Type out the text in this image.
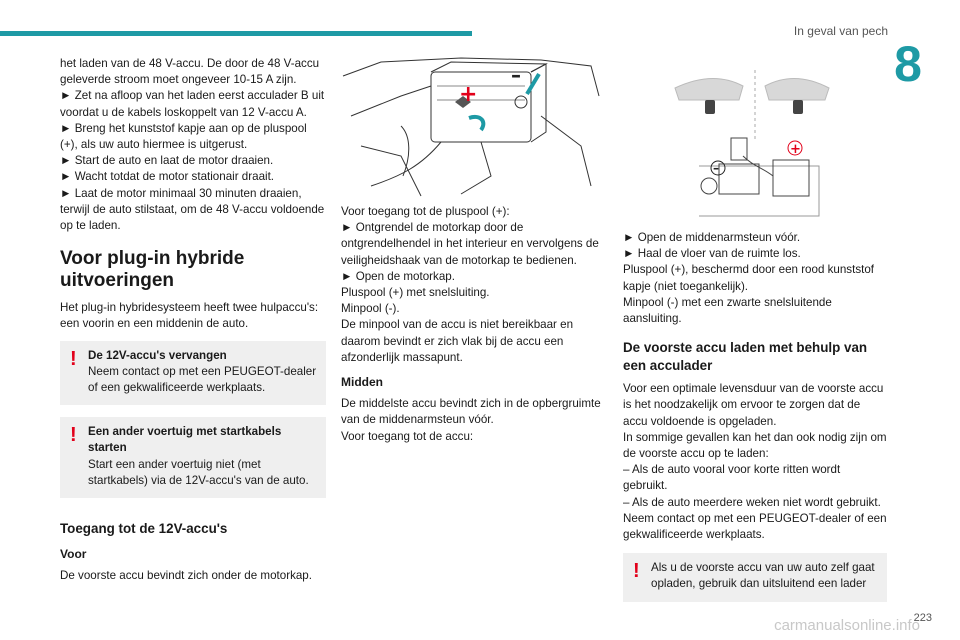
In geval van pech
8

het laden van de 48 V-accu. De door de 48 V-accu geleverde stroom moet ongeveer 10-15 A zijn.

► Zet na afloop van het laden eerst acculader B uit voordat u de kabels loskoppelt van 12 V-accu A.

► Breng het kunststof kapje aan op de pluspool (+), als uw auto hiermee is uitgerust.

► Start de auto en laat de motor draaien.

► Wacht totdat de motor stationair draait.

► Laat de motor minimaal 30 minuten draaien, terwijl de auto stilstaat, om de 48 V-accu voldoende op te laden.

Voor plug-in hybride uitvoeringen

Het plug-in hybridesysteem heeft twee hulpaccu's: een voorin en een middenin de auto.

! De 12V-accu's vervangen
Neem contact op met een PEUGEOT-dealer of een gekwalificeerde werkplaats.
! Een ander voertuig met startkabels starten
Start een ander voertuig niet (met startkabels) via de 12V-accu's van de auto.
Toegang tot de 12V-accu's
Voor

De voorste accu bevindt zich onder de motorkap.

+
–

Voor toegang tot de pluspool (+):

► Ontgrendel de motorkap door de ontgrendelhendel in het interieur en vervolgens de veiligheidshaak van de motorkap te bedienen.

► Open de motorkap.

Pluspool (+) met snelsluiting.

Minpool (-).

De minpool van de accu is niet bereikbaar en daarom bevindt er zich vlak bij de accu een afzonderlijk massapunt.

Midden

De middelste accu bevindt zich in de opbergruimte van de middenarmsteun vóór.

Voor toegang tot de accu:

–
+

► Open de middenarmsteun vóór.

► Haal de vloer van de ruimte los.

Pluspool (+), beschermd door een rood kunststof kapje (niet toegankelijk).

Minpool (-) met een zwarte snelsluitende aansluiting.

De voorste accu laden met behulp van een acculader

Voor een optimale levensduur van de voorste accu is het noodzakelijk om ervoor te zorgen dat de accu voldoende is opgeladen.

In sommige gevallen kan het dan ook nodig zijn om de voorste accu op te laden:

– Als de auto vooral voor korte ritten wordt gebruikt.

– Als de auto meerdere weken niet wordt gebruikt.

Neem contact op met een PEUGEOT-dealer of een gekwalificeerde werkplaats.

! Als u de voorste accu van uw auto zelf gaat opladen, gebruik dan uitsluitend een lader
223
carmanualsonline.info
